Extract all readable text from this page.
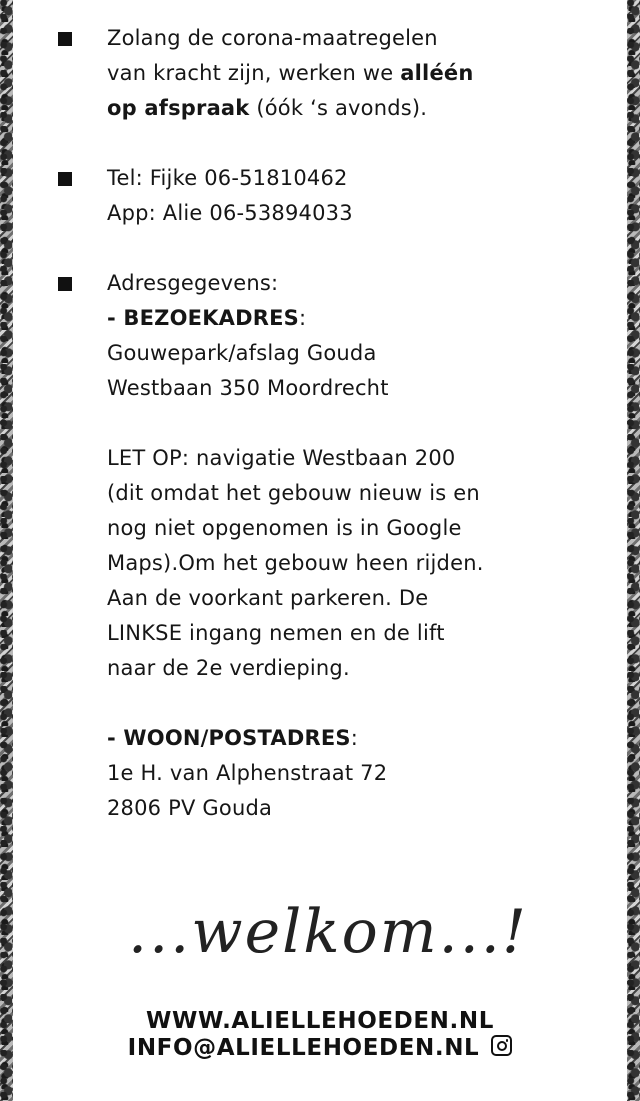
Zolang de corona-maatregelen
van kracht zijn, werken we alléén
op afspraak (óók ‘s avonds).
Tel: Fijke 06-51810462
App: Alie 06-53894033
Adresgegevens:
- BEZOEKADRES:
Gouwepark/afslag Gouda
Westbaan 350 Moordrecht

LET OP: navigatie Westbaan 200
(dit omdat het gebouw nieuw is en
nog niet opgenomen is in Google
Maps).Om het gebouw heen rijden.
Aan de voorkant parkeren. De
LINKSE ingang nemen en de lift
naar de 2e verdieping.

- WOON/POSTADRES:
1e H. van Alphenstraat 72
2806 PV Gouda
...welkom...!
WWW.ALIELLEHOEDEN.NL
INFO@ALIELLEHOEDEN.NL
